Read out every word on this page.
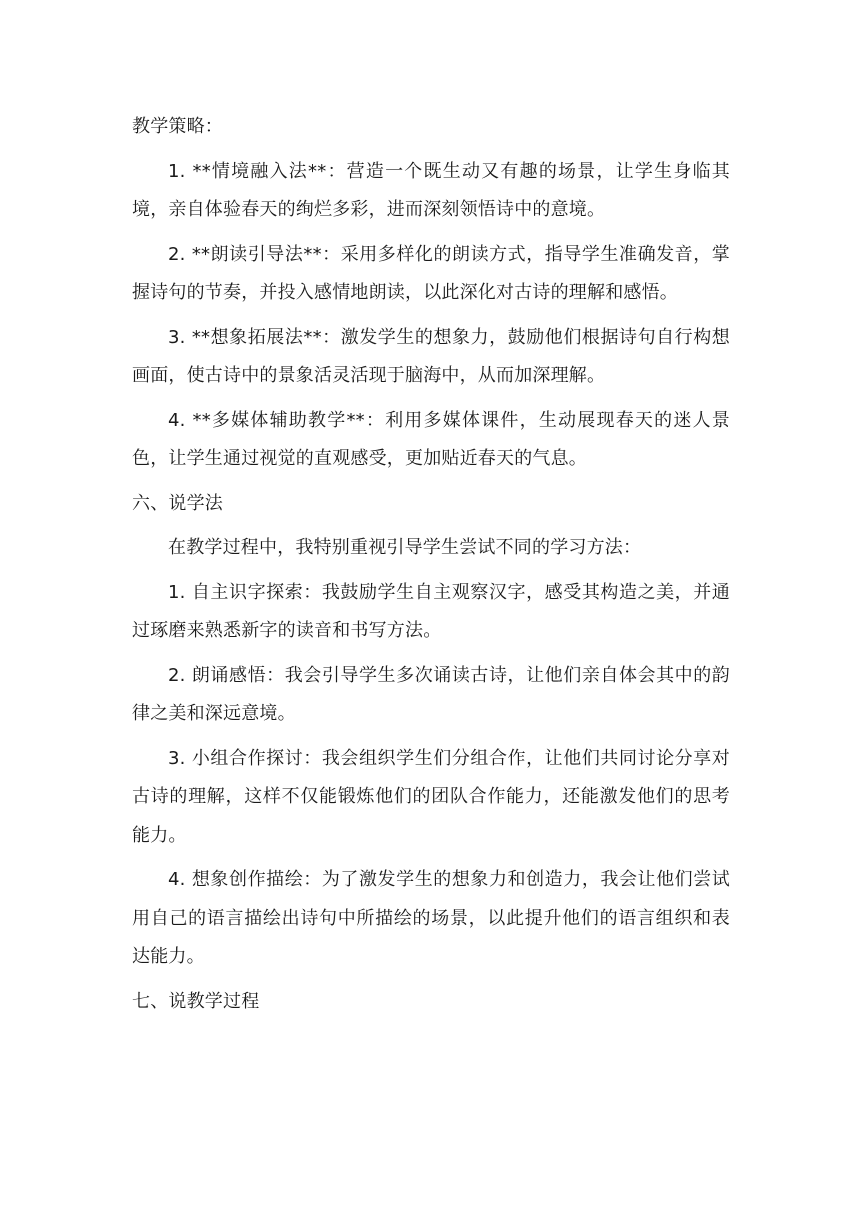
教学策略：

1. **情境融入法**：营造一个既生动又有趣的场景，让学生身临其境，亲自体验春天的绚烂多彩，进而深刻领悟诗中的意境。

2. **朗读引导法**：采用多样化的朗读方式，指导学生准确发音，掌握诗句的节奏，并投入感情地朗读，以此深化对古诗的理解和感悟。

3. **想象拓展法**：激发学生的想象力，鼓励他们根据诗句自行构想画面，使古诗中的景象活灵活现于脑海中，从而加深理解。

4. **多媒体辅助教学**：利用多媒体课件，生动展现春天的迷人景色，让学生通过视觉的直观感受，更加贴近春天的气息。

六、说学法

在教学过程中，我特别重视引导学生尝试不同的学习方法：

1. 自主识字探索：我鼓励学生自主观察汉字，感受其构造之美，并通过琢磨来熟悉新字的读音和书写方法。

2. 朗诵感悟：我会引导学生多次诵读古诗，让他们亲自体会其中的韵律之美和深远意境。

3. 小组合作探讨：我会组织学生们分组合作，让他们共同讨论分享对古诗的理解，这样不仅能锻炼他们的团队合作能力，还能激发他们的思考能力。

4. 想象创作描绘：为了激发学生的想象力和创造力，我会让他们尝试用自己的语言描绘出诗句中所描绘的场景，以此提升他们的语言组织和表达能力。

七、说教学过程
